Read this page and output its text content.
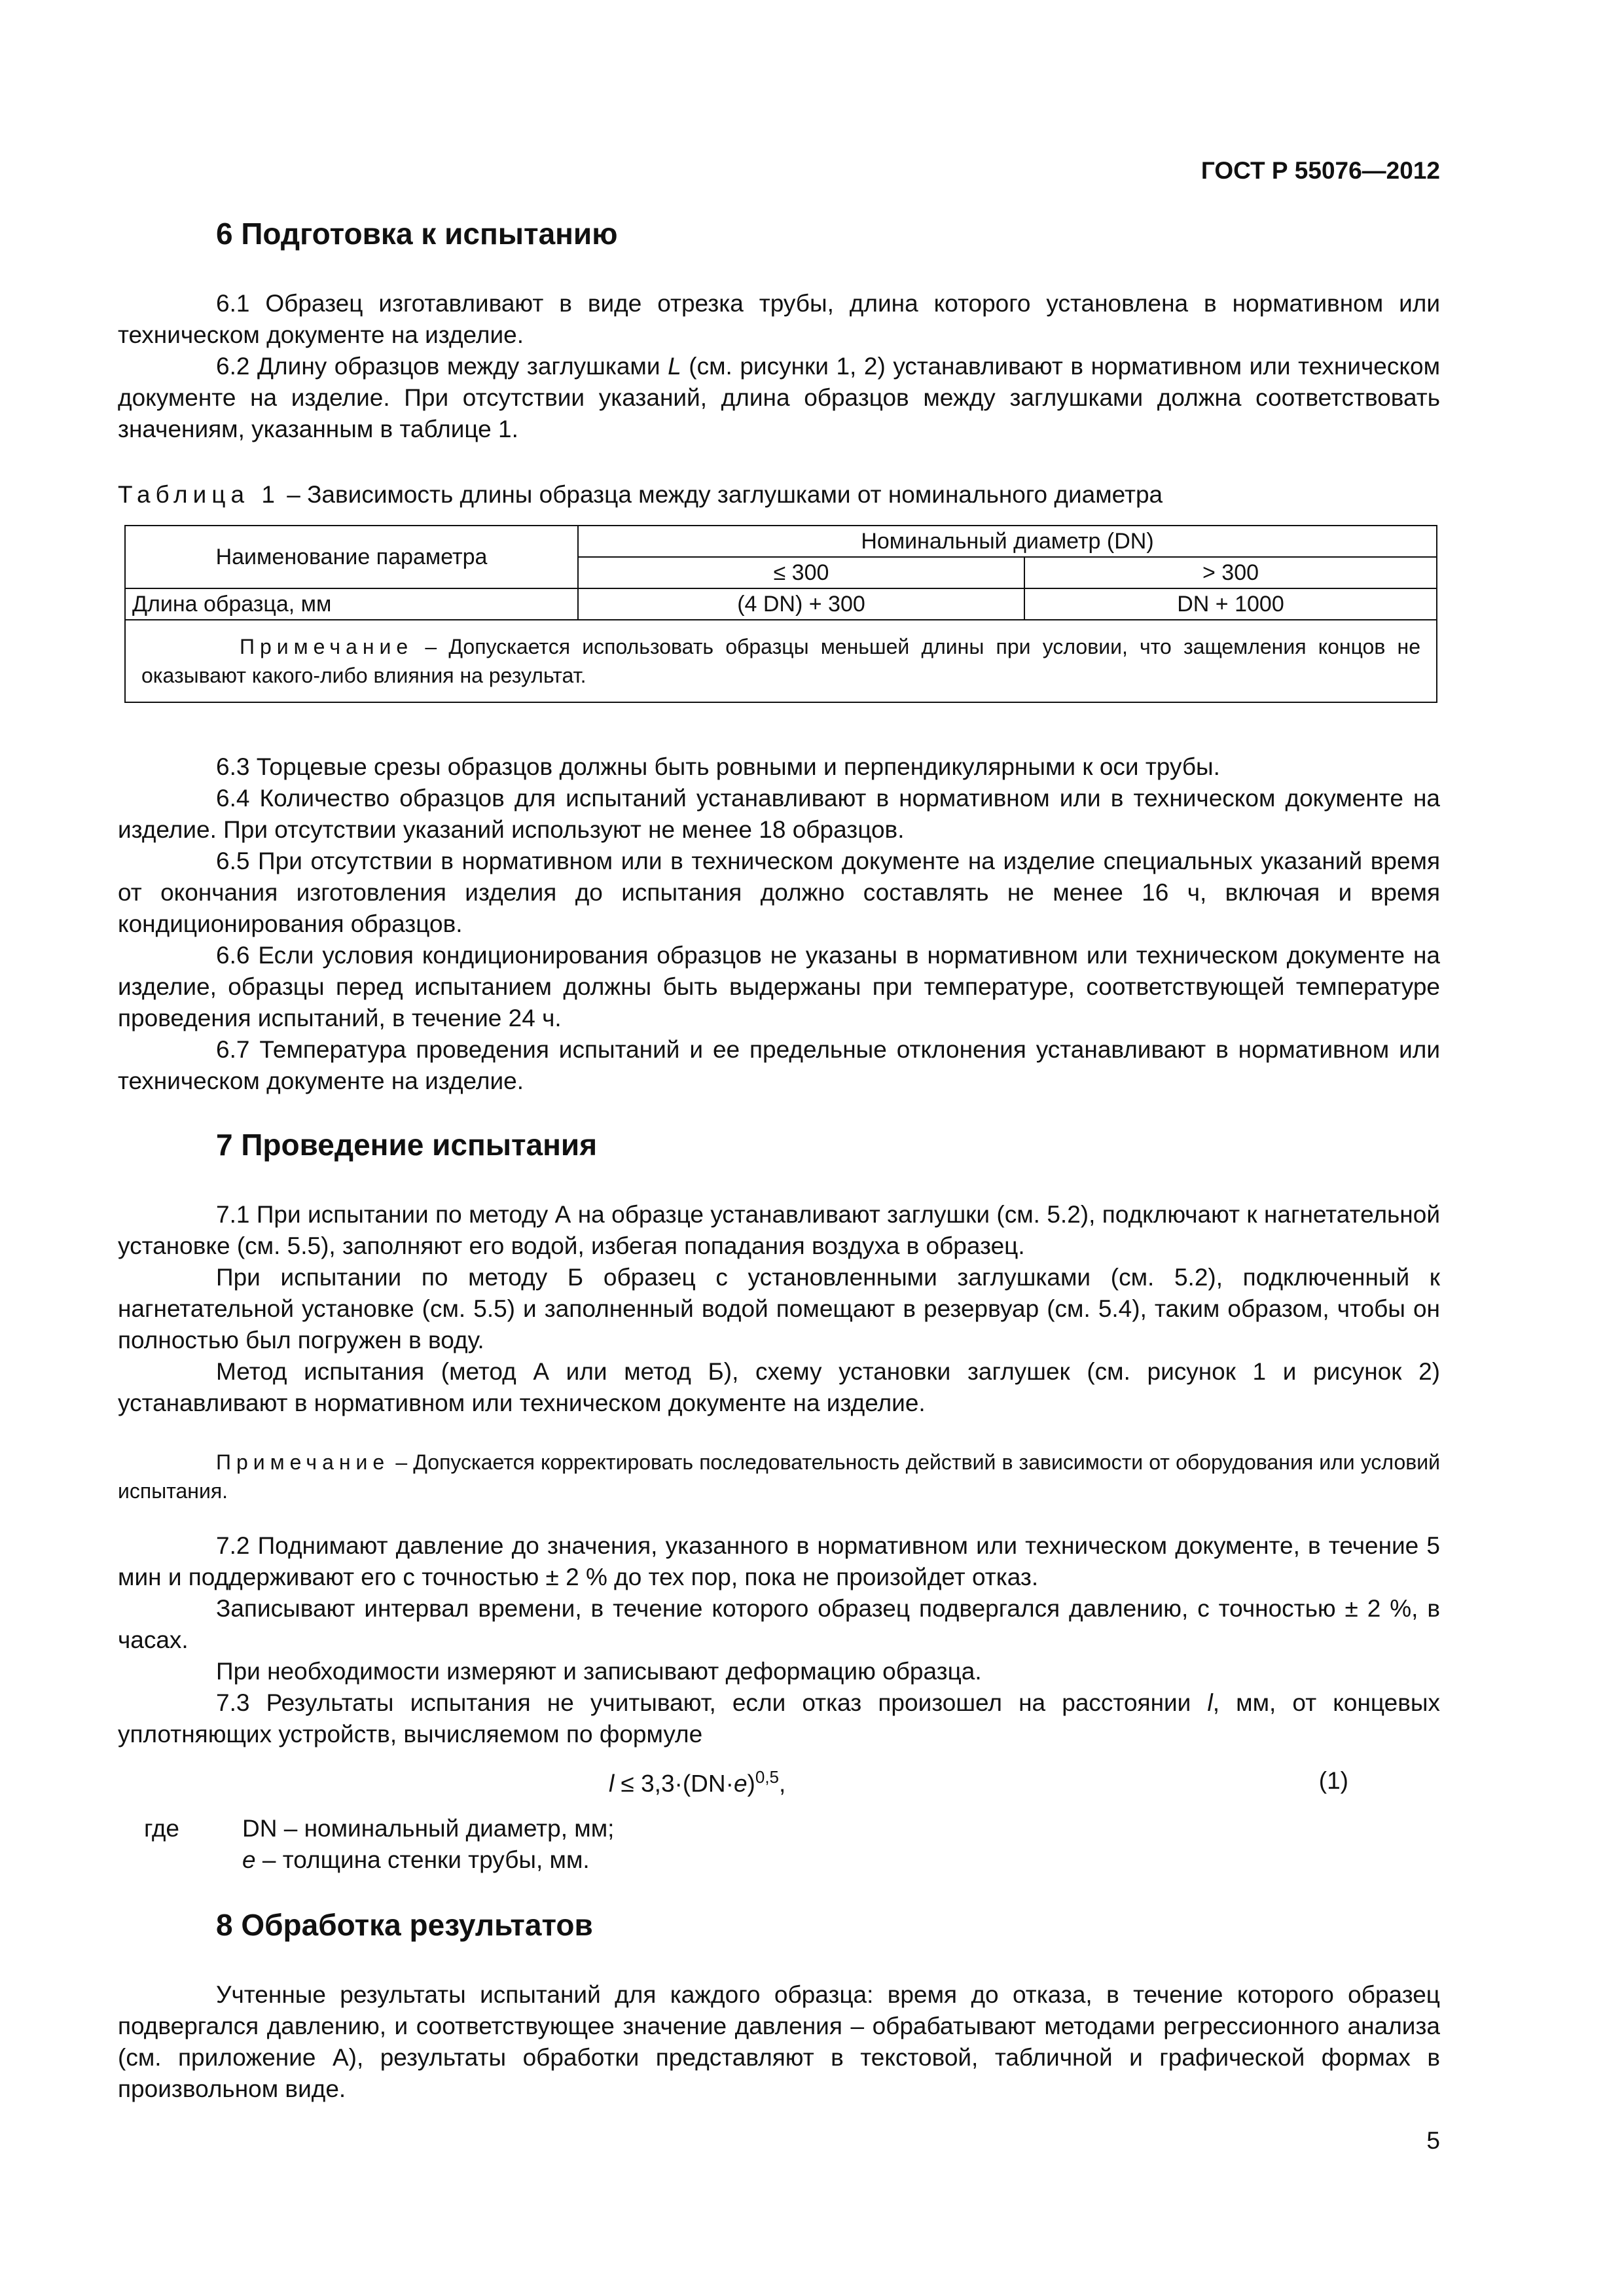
ГОСТ Р 55076—2012
6 Подготовка к испытанию
6.1 Образец изготавливают в виде отрезка трубы, длина которого установлена в нормативном или техническом документе на изделие.
6.2 Длину образцов между заглушками L (см. рисунки 1, 2) устанавливают в нормативном или техническом документе на изделие. При отсутствии указаний, длина образцов между заглушками должна соответствовать значениям, указанным в таблице 1.
Таблица 1 – Зависимость длины образца между заглушками от номинального диаметра
Наименование параметра	Номинальный диаметр (DN)	
	≤ 300	> 300
Длина образца, мм	(4 DN) + 300	DN + 1000
Примечание – Допускается использовать образцы меньшей длины при условии, что защемления концов не оказывают какого-либо влияния на результат.		
6.3 Торцевые срезы образцов должны быть ровными и перпендикулярными к оси трубы.
6.4 Количество образцов для испытаний устанавливают в нормативном или в техническом документе на изделие. При отсутствии указаний используют не менее 18 образцов.
6.5 При отсутствии в нормативном или в техническом документе на изделие специальных указаний время от окончания изготовления изделия до испытания должно составлять не менее 16 ч, включая и время кондиционирования образцов.
6.6 Если условия кондиционирования образцов не указаны в нормативном или техническом документе на изделие, образцы перед испытанием должны быть выдержаны при температуре, соответствующей температуре проведения испытаний, в течение 24 ч.
6.7 Температура проведения испытаний и ее предельные отклонения устанавливают в нормативном или техническом документе на изделие.
7 Проведение испытания
7.1 При испытании по методу А на образце устанавливают заглушки (см. 5.2), подключают к нагнетательной установке (см. 5.5), заполняют его водой, избегая попадания воздуха в образец.
При испытании по методу Б образец с установленными заглушками (см. 5.2), подключенный к нагнетательной установке (см. 5.5) и заполненный водой помещают в резервуар (см. 5.4), таким образом, чтобы он полностью был погружен в воду.
Метод испытания (метод А или метод Б), схему установки заглушек (см. рисунок 1 и рисунок 2) устанавливают в нормативном или техническом документе на изделие.
Примечание – Допускается корректировать последовательность действий в зависимости от оборудования или условий испытания.
7.2 Поднимают давление до значения, указанного в нормативном или техническом документе, в течение 5 мин и поддерживают его с точностью ± 2 % до тех пор, пока не произойдет отказ.
Записывают интервал времени, в течение которого образец подвергался давлению, с точностью ± 2 %, в часах.
При необходимости измеряют и записывают деформацию образца.
7.3 Результаты испытания не учитывают, если отказ произошел на расстоянии l, мм, от концевых уплотняющих устройств, вычисляемом по формуле
$l \le 3,3\cdot(DN\cdot e)^{0,5}$,	(1)
где	DN – номинальный диаметр, мм;
e – толщина стенки трубы, мм.
8 Обработка результатов
Учтенные результаты испытаний для каждого образца: время до отказа, в течение которого образец подвергался давлению, и соответствующее значение давления – обрабатывают методами регрессионного анализа (см. приложение А), результаты обработки представляют в текстовой, табличной и графической формах в произвольном виде.
5
